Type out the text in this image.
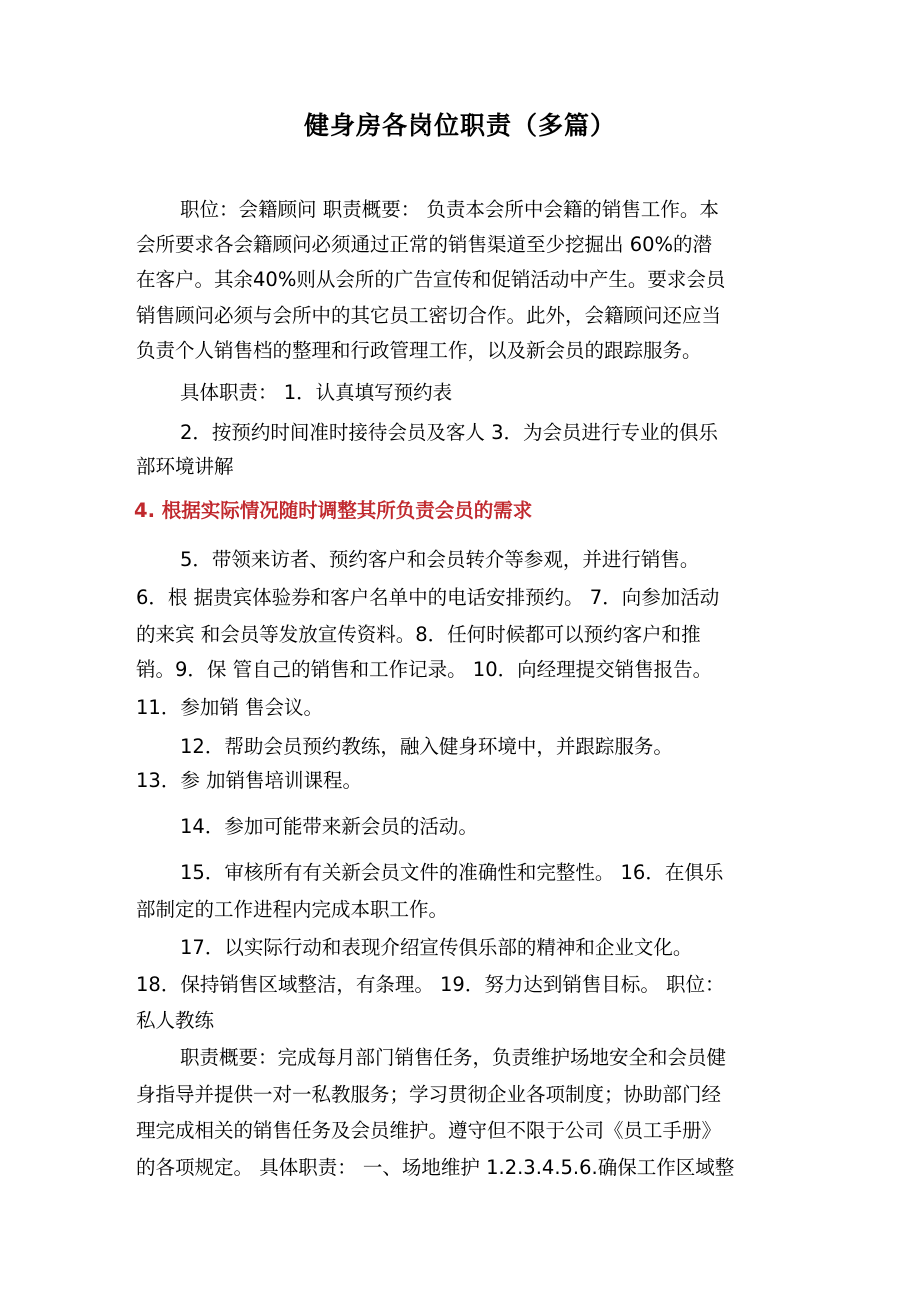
健身房各岗位职责（多篇）
职位：会籍顾问 职责概要： 负责本会所中会籍的销售工作。本
会所要求各会籍顾问必须通过正常的销售渠道至少挖掘出 60%的潜
在客户。其余40%则从会所的广告宣传和促销活动中产生。要求会员
销售顾问必须与会所中的其它员工密切合作。此外，会籍顾问还应当
负责个人销售档的整理和行政管理工作，以及新会员的跟踪服务。
具体职责： 1．认真填写预约表
2．按预约时间准时接待会员及客人 3．为会员进行专业的俱乐
部环境讲解
4. 根据实际情况随时调整其所负责会员的需求
5．带领来访者、预约客户和会员转介等参观，并进行销售。
6．根 据贵宾体验券和客户名单中的电话安排预约。 7．向参加活动
的来宾 和会员等发放宣传资料。8．任何时候都可以预约客户和推
销。9．保 管自己的销售和工作记录。 10．向经理提交销售报告。
11．参加销 售会议。
12．帮助会员预约教练，融入健身环境中，并跟踪服务。
13．参 加销售培训课程。
14．参加可能带来新会员的活动。
15．审核所有有关新会员文件的准确性和完整性。 16．在俱乐
部制定的工作进程内完成本职工作。
17．以实际行动和表现介绍宣传俱乐部的精神和企业文化。
18．保持销售区域整洁，有条理。 19．努力达到销售目标。 职位：
私人教练
职责概要：完成每月部门销售任务，负责维护场地安全和会员健
身指导并提供一对一私教服务；学习贯彻企业各项制度；协助部门经
理完成相关的销售任务及会员维护。遵守但不限于公司《员工手册》
的各项规定。 具体职责： 一、场地维护 1.2.3.4.5.6.确保工作区域整
